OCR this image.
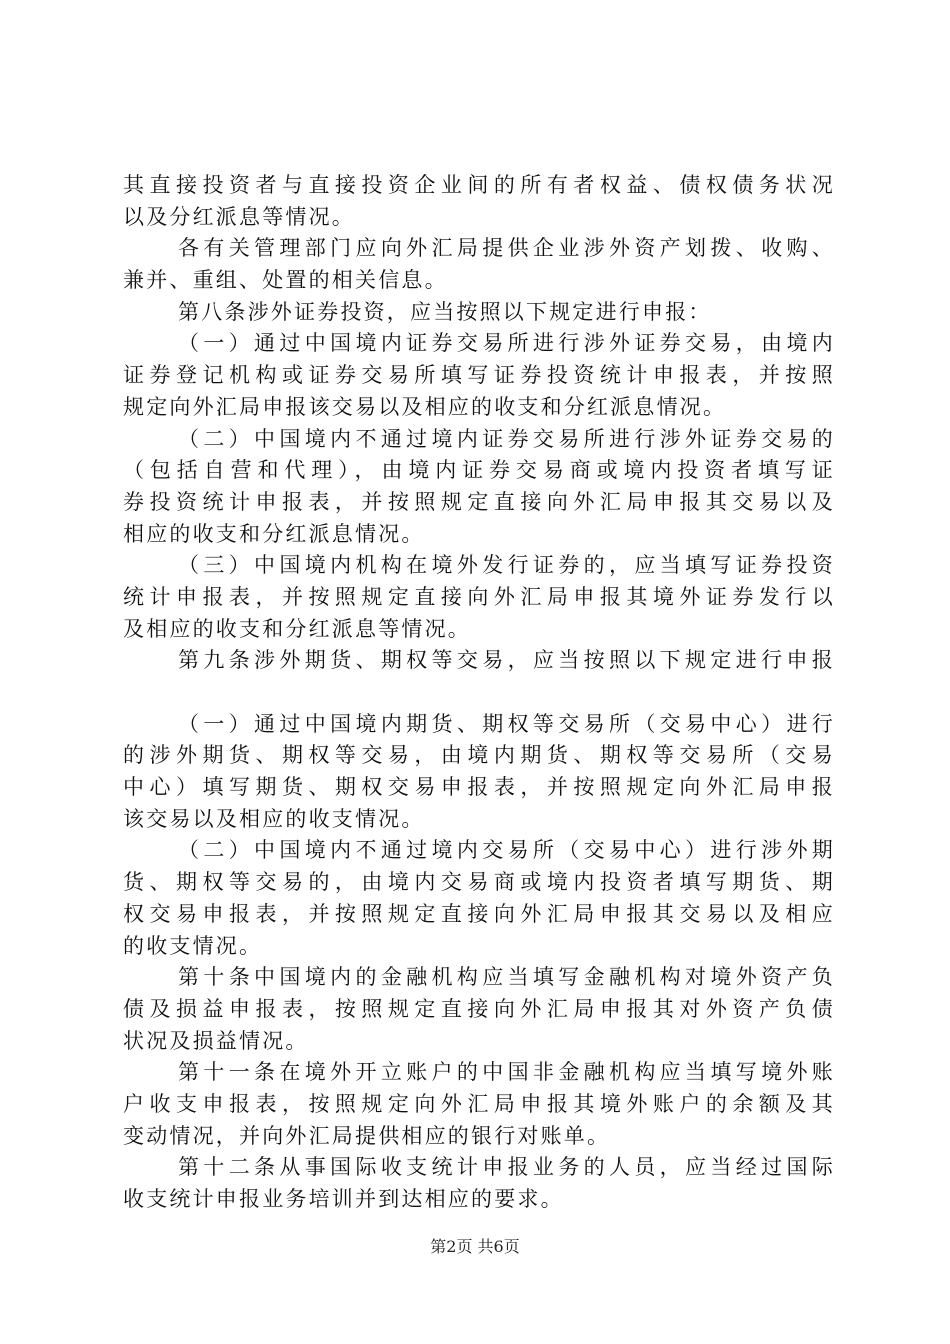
其直接投资者与直接投资企业间的所有者权益、债权债务状况
以及分红派息等情况。
各有关管理部门应向外汇局提供企业涉外资产划拨、收购、
兼并、重组、处置的相关信息。
第八条涉外证券投资，应当按照以下规定进行申报：
（一）通过中国境内证券交易所进行涉外证券交易，由境内
证券登记机构或证券交易所填写证券投资统计申报表，并按照
规定向外汇局申报该交易以及相应的收支和分红派息情况。
（二）中国境内不通过境内证券交易所进行涉外证券交易的
（包括自营和代理），由境内证券交易商或境内投资者填写证
券投资统计申报表，并按照规定直接向外汇局申报其交易以及
相应的收支和分红派息情况。
（三）中国境内机构在境外发行证券的，应当填写证券投资
统计申报表，并按照规定直接向外汇局申报其境外证券发行以
及相应的收支和分红派息等情况。
第九条涉外期货、期权等交易，应当按照以下规定进行申报
（一）通过中国境内期货、期权等交易所（交易中心）进行
的涉外期货、期权等交易，由境内期货、期权等交易所（交易
中心）填写期货、期权交易申报表，并按照规定向外汇局申报
该交易以及相应的收支情况。
（二）中国境内不通过境内交易所（交易中心）进行涉外期
货、期权等交易的，由境内交易商或境内投资者填写期货、期
权交易申报表，并按照规定直接向外汇局申报其交易以及相应
的收支情况。
第十条中国境内的金融机构应当填写金融机构对境外资产负
债及损益申报表，按照规定直接向外汇局申报其对外资产负债
状况及损益情况。
第十一条在境外开立账户的中国非金融机构应当填写境外账
户收支申报表，按照规定向外汇局申报其境外账户的余额及其
变动情况，并向外汇局提供相应的银行对账单。
第十二条从事国际收支统计申报业务的人员，应当经过国际
收支统计申报业务培训并到达相应的要求。
第2页 共6页
